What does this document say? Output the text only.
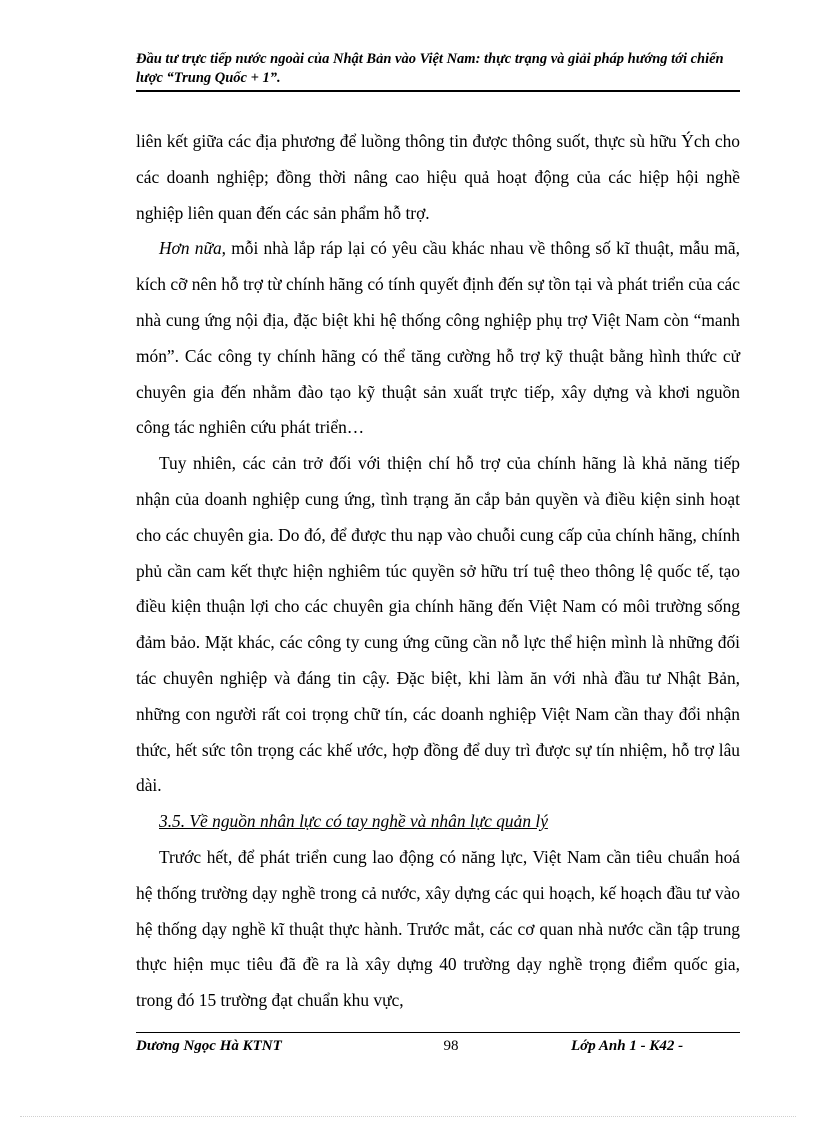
Đầu tư trực tiếp nước ngoài của Nhật Bản vào Việt Nam: thực trạng và giải pháp hướng tới chiến lược “Trung Quốc + 1”.

liên kết giữa các địa phương để luồng thông tin được thông suốt, thực sù hữu Ých cho các doanh nghiệp; đồng thời nâng cao hiệu quả hoạt động của các hiệp hội nghề nghiệp liên quan đến các sản phẩm hỗ trợ.

Hơn nữa, mỗi nhà lắp ráp lại có yêu cầu khác nhau về thông số kĩ thuật, mẫu mã, kích cỡ nên hỗ trợ từ chính hãng có tính quyết định đến sự tồn tại và phát triển của các nhà cung ứng nội địa, đặc biệt khi hệ thống công nghiệp phụ trợ Việt Nam còn “manh món”. Các công ty chính hãng có thể tăng cường hỗ trợ kỹ thuật bằng hình thức cử chuyên gia đến nhằm đào tạo kỹ thuật sản xuất trực tiếp, xây dựng và khơi nguồn công tác nghiên cứu phát triển…

Tuy nhiên, các cản trở đối với thiện chí hỗ trợ của chính hãng là khả năng tiếp nhận của doanh nghiệp cung ứng, tình trạng ăn cắp bản quyền và điều kiện sinh hoạt cho các chuyên gia. Do đó, để được thu nạp vào chuỗi cung cấp của chính hãng, chính phủ cần cam kết thực hiện nghiêm túc quyền sở hữu trí tuệ theo thông lệ quốc tế, tạo điều kiện thuận lợi cho các chuyên gia chính hãng đến Việt Nam có môi trường sống đảm bảo. Mặt khác, các công ty cung ứng cũng cần nỗ lực thể hiện mình là những đối tác chuyên nghiệp và đáng tin cậy. Đặc biệt, khi làm ăn với nhà đầu tư Nhật Bản, những con người rất coi trọng chữ tín, các doanh nghiệp Việt Nam cần thay đổi nhận thức, hết sức tôn trọng các khế ước, hợp đồng để duy trì được sự tín nhiệm, hỗ trợ lâu dài.

3.5. Về nguồn nhân lực có tay nghề và nhân lực quản lý

Trước hết, để phát triển cung lao động có năng lực, Việt Nam cần tiêu chuẩn hoá hệ thống trường dạy nghề trong cả nước, xây dựng các qui hoạch, kế hoạch đầu tư vào hệ thống dạy nghề kĩ thuật thực hành. Trước mắt, các cơ quan nhà nước cần tập trung thực hiện mục tiêu đã đề ra là xây dựng 40 trường dạy nghề trọng điểm quốc gia, trong đó 15 trường đạt chuẩn khu vực,

Dương Ngọc Hà KTNT	98	Lớp Anh 1 - K42 -
